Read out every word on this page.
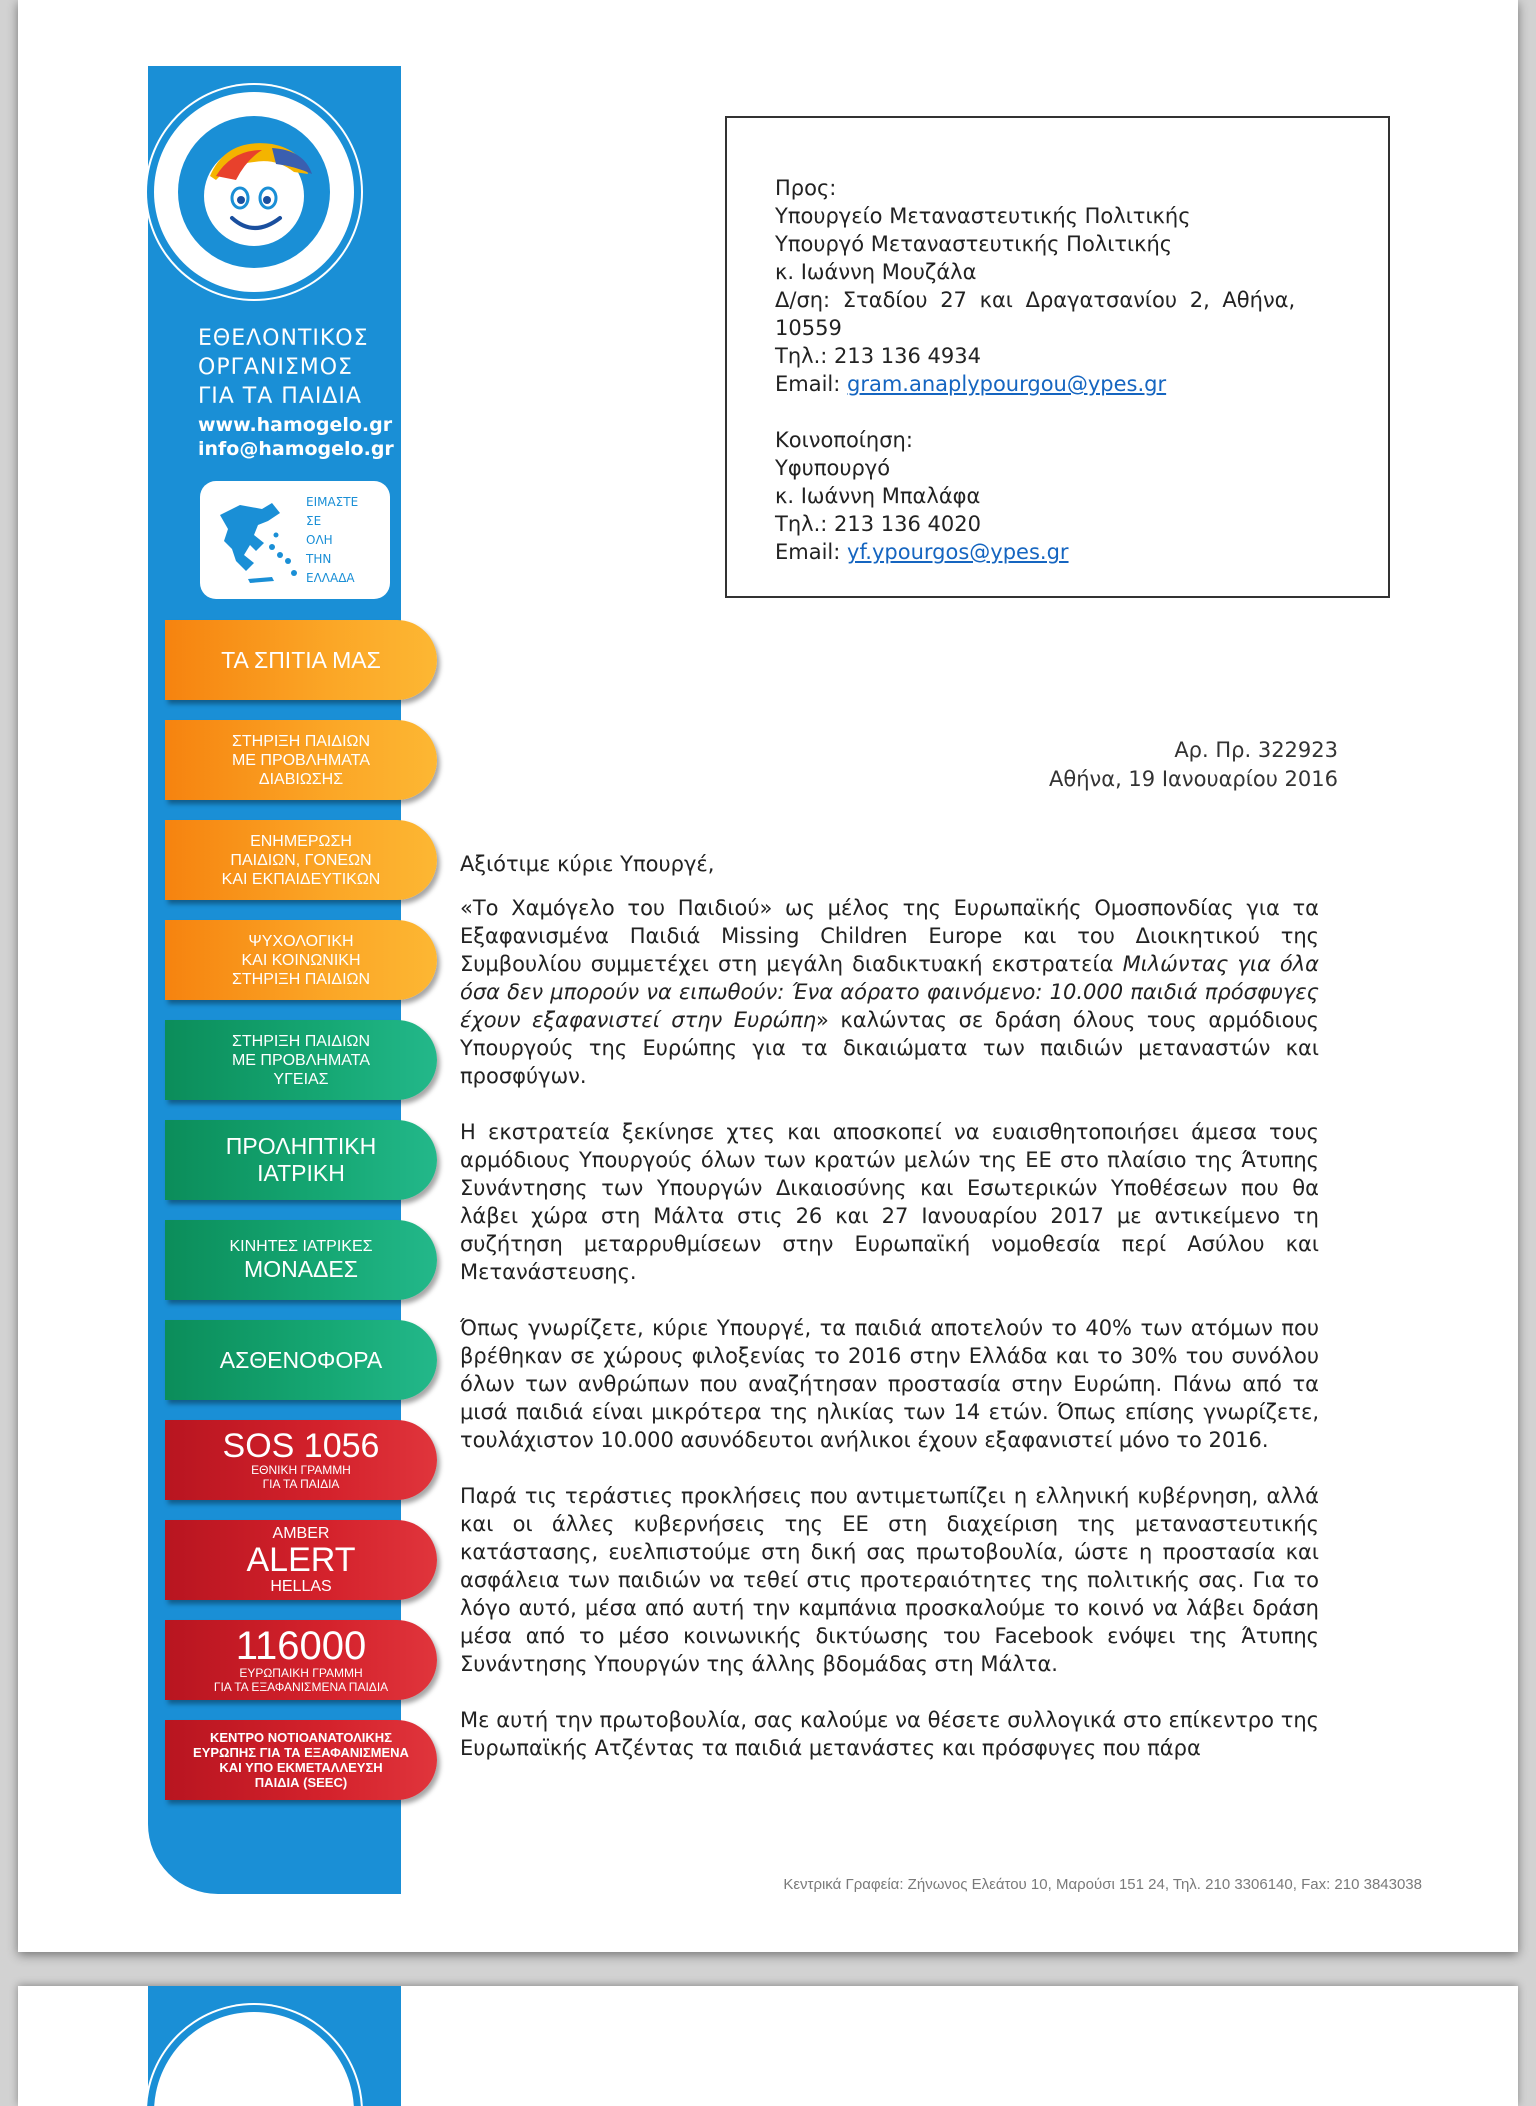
ΕΘΕΛΟΝΤΙΚΟΣ
ΟΡΓΑΝΙΣΜΟΣ
ΓΙΑ ΤΑ ΠΑΙΔΙΑ
www.hamogelo.gr
info@hamogelo.gr
ΕΙΜΑΣΤΕ
ΣΕ
ΟΛΗ
ΤΗΝ
ΕΛΛΑΔΑ
ΤΑ ΣΠΙΤΙΑ ΜΑΣ
ΣΤΗΡΙΞΗ ΠΑΙΔΙΩΝ
ΜΕ ΠΡΟΒΛΗΜΑΤΑ
ΔΙΑΒΙΩΣΗΣ
ΕΝΗΜΕΡΩΣΗ
ΠΑΙΔΙΩΝ, ΓΟΝΕΩΝ
ΚΑΙ ΕΚΠΑΙΔΕΥΤΙΚΩΝ
ΨΥΧΟΛΟΓΙΚΗ
ΚΑΙ ΚΟΙΝΩΝΙΚΗ
ΣΤΗΡΙΞΗ ΠΑΙΔΙΩΝ
ΣΤΗΡΙΞΗ ΠΑΙΔΙΩΝ
ΜΕ ΠΡΟΒΛΗΜΑΤΑ
ΥΓΕΙΑΣ
ΠΡΟΛΗΠΤΙΚΗ
ΙΑΤΡΙΚΗ
ΚΙΝΗΤΕΣ ΙΑΤΡΙΚΕΣ
ΜΟΝΑΔΕΣ
ΑΣΘΕΝΟΦΟΡΑ
SOS 1056
ΕΘΝΙΚΗ ΓΡΑΜΜΗ
ΓΙΑ ΤΑ ΠΑΙΔΙΑ
AMBER
ALERT
HELLAS
116000
ΕΥΡΩΠΑΙΚΗ ΓΡΑΜΜΗ
ΓΙΑ ΤΑ ΕΞΑΦΑΝΙΣΜΕΝΑ ΠΑΙΔΙΑ
ΚΕΝΤΡΟ ΝΟΤΙΟΑΝΑΤΟΛΙΚΗΣ
ΕΥΡΩΠΗΣ ΓΙΑ ΤΑ ΕΞΑΦΑΝΙΣΜΕΝΑ
ΚΑΙ ΥΠΟ ΕΚΜΕΤΑΛΛΕΥΣΗ
ΠΑΙΔΙΑ (SEEC)
Προς:
Υπουργείο Μεταναστευτικής Πολιτικής
Υπουργό Μεταναστευτικής Πολιτικής
κ. Ιωάννη Μουζάλα
Δ/ση: Σταδίου 27 και Δραγατσανίου 2, Αθήνα,
10559
Τηλ.: 213 136 4934
Email: gram.anaplypourgou@ypes.gr
Κοινοποίηση:
Υφυπουργό
κ. Ιωάννη Μπαλάφα
Τηλ.: 213 136 4020
Email: yf.ypourgos@ypes.gr
Αρ. Πρ. 322923
Αθήνα, 19 Ιανουαρίου 2016

Αξιότιμε κύριε Υπουργέ,

«Το Χαμόγελο του Παιδιού» ως μέλος της Ευρωπαϊκής Ομοσπονδίας για τα Εξαφανισμένα Παιδιά Missing Children Europe και του Διοικητικού της Συμβουλίου συμμετέχει στη μεγάλη διαδικτυακή εκστρατεία Μιλώντας για όλα όσα δεν μπορούν να ειπωθούν: Ένα αόρατο φαινόμενο: 10.000 παιδιά πρόσφυγες έχουν εξαφανιστεί στην Ευρώπη» καλώντας σε δράση όλους τους αρμόδιους Υπουργούς της Ευρώπης για τα δικαιώματα των παιδιών μεταναστών και προσφύγων.

Η εκστρατεία ξεκίνησε χτες και αποσκοπεί να ευαισθητοποιήσει άμεσα τους αρμόδιους Υπουργούς όλων των κρατών μελών της ΕΕ στο πλαίσιο της Άτυπης Συνάντησης των Υπουργών Δικαιοσύνης και Εσωτερικών Υποθέσεων που θα λάβει χώρα στη Μάλτα στις 26 και 27 Ιανουαρίου 2017 με αντικείμενο τη συζήτηση μεταρρυθμίσεων στην Ευρωπαϊκή νομοθεσία περί Ασύλου και Μετανάστευσης.

Όπως γνωρίζετε, κύριε Υπουργέ, τα παιδιά αποτελούν το 40% των ατόμων που βρέθηκαν σε χώρους φιλοξενίας το 2016 στην Ελλάδα και το 30% του συνόλου όλων των ανθρώπων που αναζήτησαν προστασία στην Ευρώπη. Πάνω από τα μισά παιδιά είναι μικρότερα της ηλικίας των 14 ετών. Όπως επίσης γνωρίζετε, τουλάχιστον 10.000 ασυνόδευτοι ανήλικοι έχουν εξαφανιστεί μόνο το 2016.

Παρά τις τεράστιες προκλήσεις που αντιμετωπίζει η ελληνική κυβέρνηση, αλλά και οι άλλες κυβερνήσεις της ΕΕ στη διαχείριση της μεταναστευτικής κατάστασης, ευελπιστούμε στη δική σας πρωτοβουλία, ώστε η προστασία και ασφάλεια των παιδιών να τεθεί στις προτεραιότητες της πολιτικής σας. Για το λόγο αυτό, μέσα από αυτή την καμπάνια προσκαλούμε το κοινό να λάβει δράση μέσα από το μέσο κοινωνικής δικτύωσης του Facebook ενόψει της Άτυπης Συνάντησης Υπουργών της άλλης βδομάδας στη Μάλτα.

Με αυτή την πρωτοβουλία, σας καλούμε να θέσετε συλλογικά στο επίκεντρο της Ευρωπαϊκής Ατζέντας τα παιδιά μετανάστες και πρόσφυγες που πάρα

Κεντρικά Γραφεία: Ζήνωνος Ελεάτου 10, Μαρούσι 151 24, Τηλ. 210 3306140, Fax: 210 3843038
